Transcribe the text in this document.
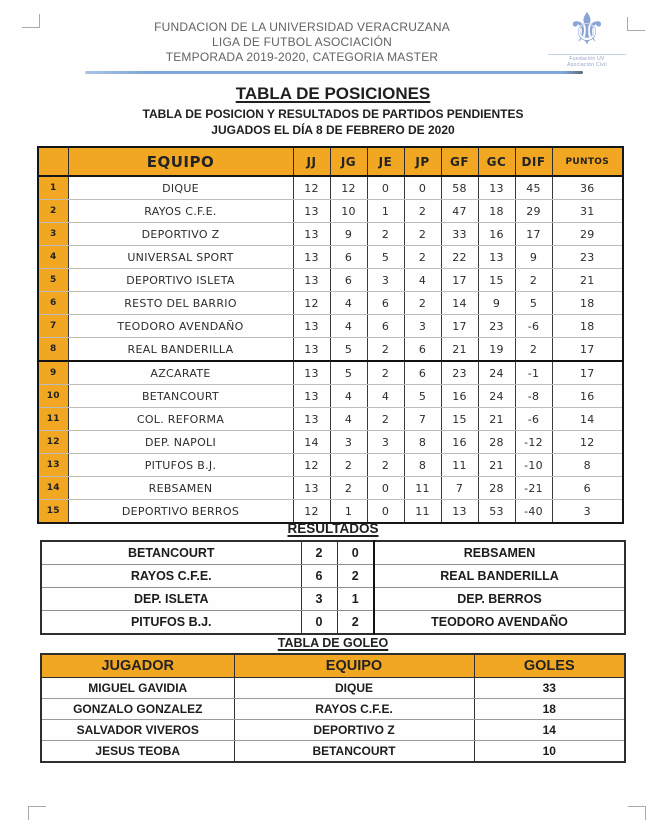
FUNDACION DE LA UNIVERSIDAD VERACRUZANA
LIGA DE FUTBOL ASOCIACIÓN
TEMPORADA 2019-2020, CATEGORIA MASTER
⚜
Fundación UV
Asociación Civil
TABLA DE POSICIONES
TABLA DE POSICION Y RESULTADOS DE PARTIDOS PENDIENTES
JUGADOS EL DÍA 8 DE FEBRERO DE 2020
	EQUIPO	JJ	JG	JE	JP	GF	GC	DIF	PUNTOS
1	DIQUE	12	12	0	0	58	13	45	36
2	RAYOS C.F.E.	13	10	1	2	47	18	29	31
3	DEPORTIVO Z	13	9	2	2	33	16	17	29
4	UNIVERSAL SPORT	13	6	5	2	22	13	9	23
5	DEPORTIVO ISLETA	13	6	3	4	17	15	2	21
6	RESTO DEL BARRIO	12	4	6	2	14	9	5	18
7	TEODORO AVENDAÑO	13	4	6	3	17	23	-6	18
8	REAL BANDERILLA	13	5	2	6	21	19	2	17
9	AZCARATE	13	5	2	6	23	24	-1	17
10	BETANCOURT	13	4	4	5	16	24	-8	16
11	COL. REFORMA	13	4	2	7	15	21	-6	14
12	DEP. NAPOLI	14	3	3	8	16	28	-12	12
13	PITUFOS B.J.	12	2	2	8	11	21	-10	8
14	REBSAMEN	13	2	0	11	7	28	-21	6
15	DEPORTIVO BERROS	12	1	0	11	13	53	-40	3
RESULTADOS
BETANCOURT	2	0	REBSAMEN
RAYOS C.F.E.	6	2	REAL BANDERILLA
DEP. ISLETA	3	1	DEP. BERROS
PITUFOS B.J.	0	2	TEODORO AVENDAÑO
TABLA DE GOLEO
JUGADOR	EQUIPO	GOLES
MIGUEL GAVIDIA	DIQUE	33
GONZALO GONZALEZ	RAYOS C.F.E.	18
SALVADOR VIVEROS	DEPORTIVO Z	14
JESUS TEOBA	BETANCOURT	10
